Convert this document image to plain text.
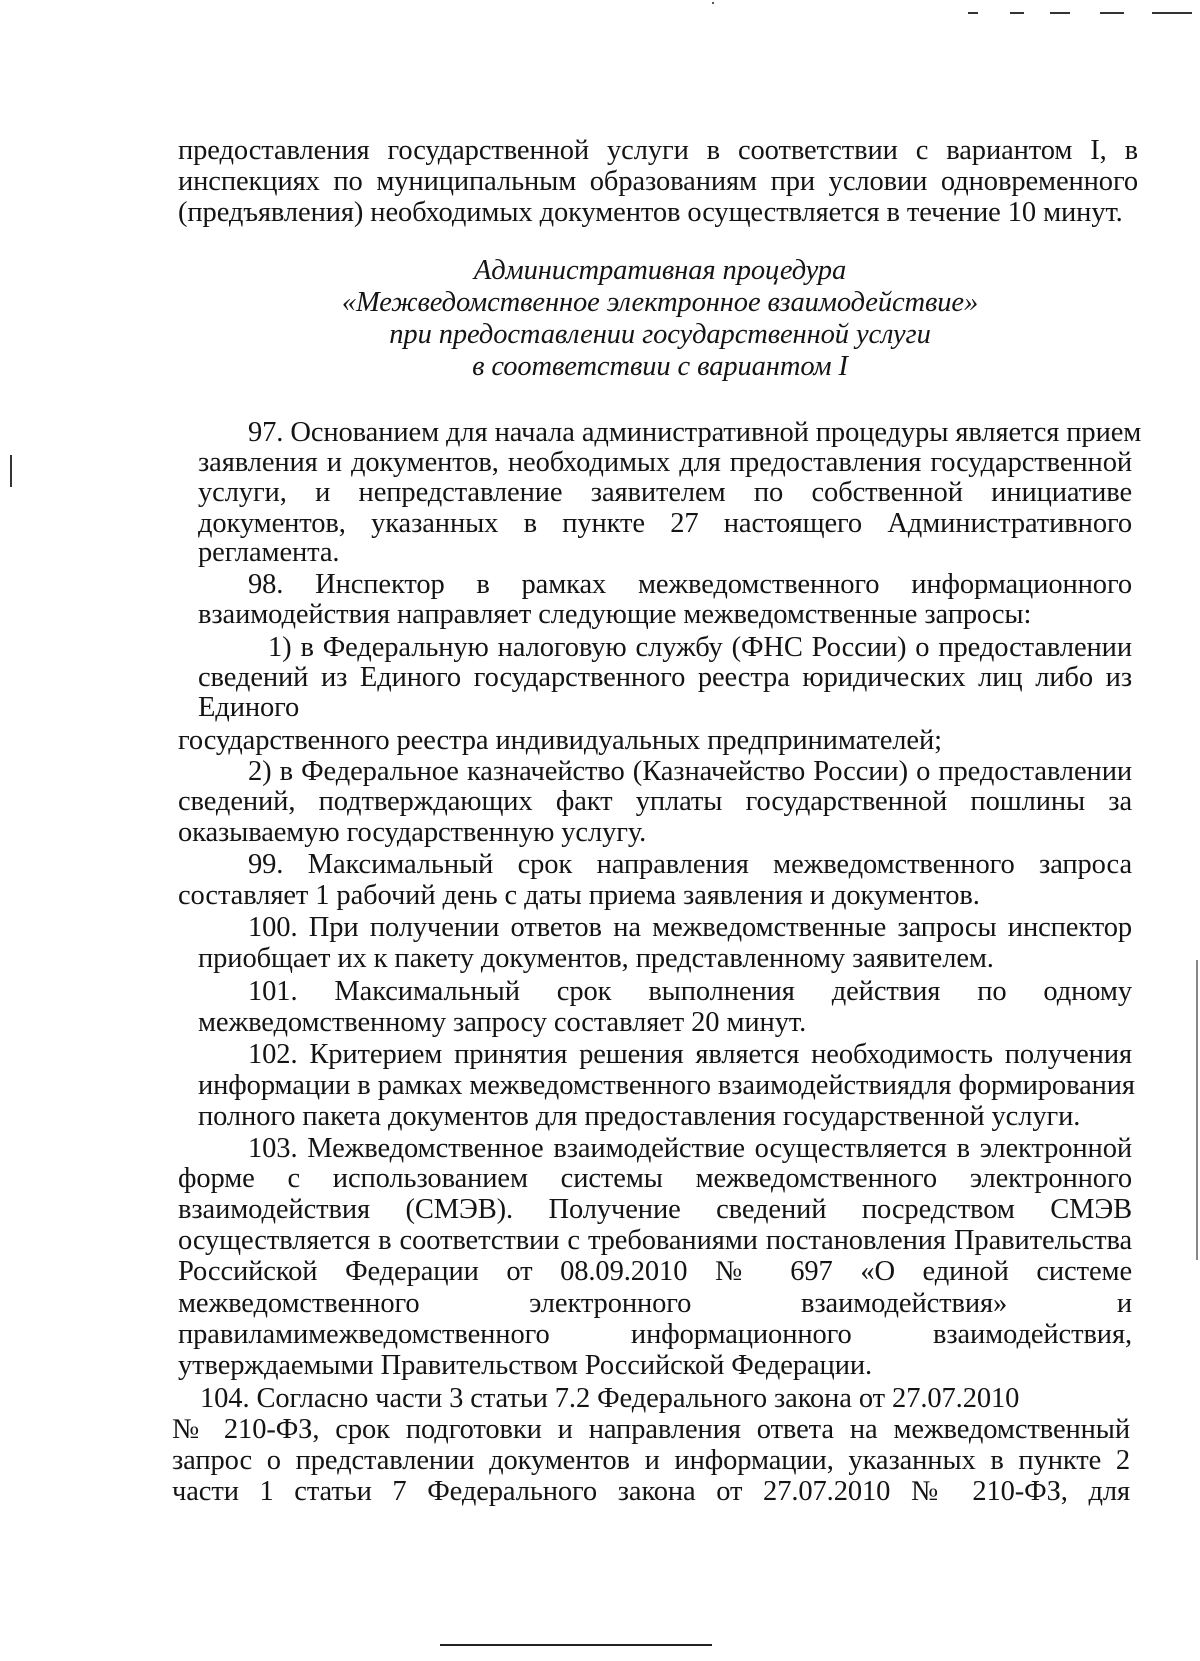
предоставления государственной услуги в соответствии с вариантом I, в
инспекциях по муниципальным образованиям при условии одновременного
(предъявления) необходимых документов осуществляется в течение 10 минут.
Административная процедура
«Межведомственное электронное взаимодействие»
при предоставлении государственной услуги
в соответствии с вариантом I
97. Основанием для начала административной процедуры является прием
заявления и документов, необходимых для предоставления государственной
услуги, и непредставление заявителем по собственной инициативе
документов, указанных в пункте 27 настоящего Административного
регламента.
98. Инспектор в рамках межведомственного информационного
взаимодействия направляет следующие межведомственные запросы:
1) в Федеральную налоговую службу (ФНС России) о предоставлении
сведений из Единого государственного реестра юридических лиц либо из
Единого
государственного реестра индивидуальных предпринимателей;
2) в Федеральное казначейство (Казначейство России) о предоставлении
сведений, подтверждающих факт уплаты государственной пошлины за
оказываемую государственную услугу.
99. Максимальный срок направления межведомственного запроса
составляет 1 рабочий день с даты приема заявления и документов.
100. При получении ответов на межведомственные запросы инспектор
приобщает их к пакету документов, представленному заявителем.
101. Максимальный срок выполнения действия по одному
межведомственному запросу составляет 20 минут.
102. Критерием принятия решения является необходимость получения
информации в рамках межведомственного взаимодействиядля формирования
полного пакета документов для предоставления государственной услуги.
103. Межведомственное взаимодействие осуществляется в электронной
форме с использованием системы межведомственного электронного
взаимодействия (СМЭВ). Получение сведений посредством СМЭВ
осуществляется в соответствии с требованиями постановления Правительства
Российской Федерации от 08.09.2010 № 697 «О единой системе
межведомственного электронного взаимодействия» и
правиламимежведомственного информационного взаимодействия,
утверждаемыми Правительством Российской Федерации.
104. Согласно части 3 статьи 7.2 Федерального закона от 27.07.2010
№ 210-ФЗ, срок подготовки и направления ответа на межведомственный
запрос о представлении документов и информации, указанных в пункте 2
части 1 статьи 7 Федерального закона от 27.07.2010 № 210-ФЗ, для
